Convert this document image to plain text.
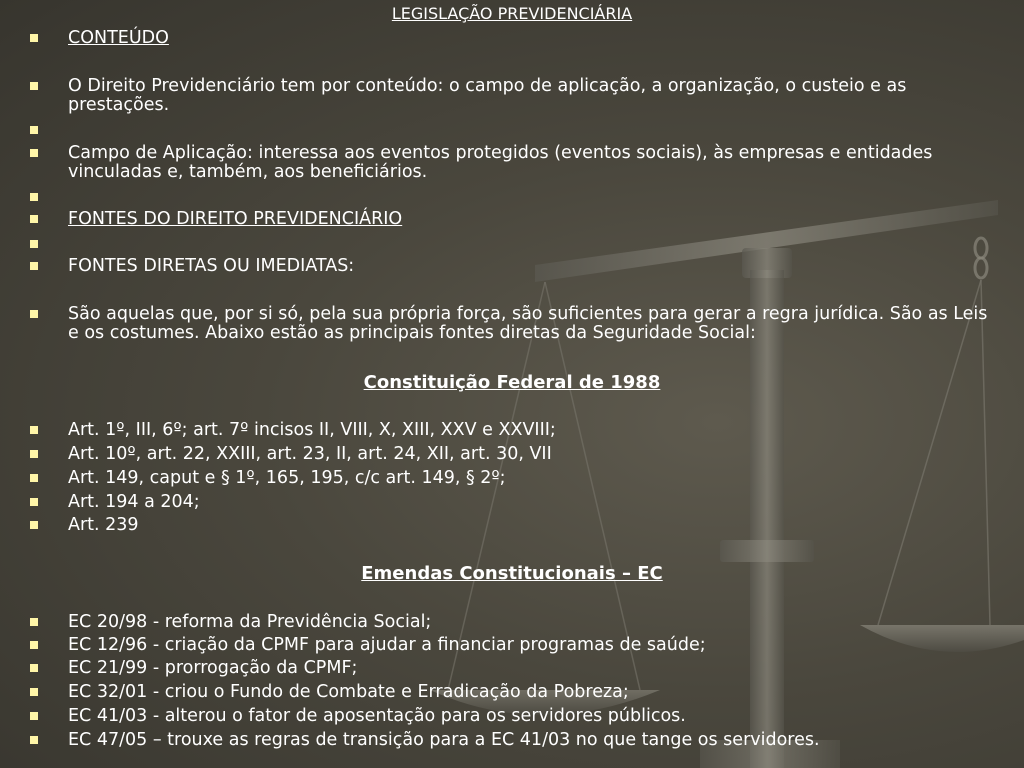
LEGISLAÇÃO PREVIDENCIÁRIA
CONTEÚDO
O Direito Previdenciário tem por conteúdo: o campo de aplicação, a organização, o custeio e as
prestações.
Campo de Aplicação: interessa aos eventos protegidos (eventos sociais), às empresas e entidades
vinculadas e, também, aos beneficiários.
FONTES DO DIREITO PREVIDENCIÁRIO
FONTES DIRETAS OU IMEDIATAS:
São aquelas que, por si só, pela sua própria força, são suficientes para gerar a regra jurídica. São as Leis
e os costumes. Abaixo estão as principais fontes diretas da Seguridade Social:
Constituição Federal de 1988
Art. 1º, III, 6º; art. 7º incisos II, VIII, X, XIII, XXV e XXVIII;
Art. 10º, art. 22, XXIII, art. 23, II, art. 24, XII, art. 30, VII
Art. 149, caput e § 1º, 165, 195, c/c art. 149, § 2º;
Art. 194 a 204;
Art. 239
Emendas Constitucionais – EC
EC 20/98 - reforma da Previdência Social;
EC 12/96 - criação da CPMF para ajudar a financiar programas de saúde;
EC 21/99 - prorrogação da CPMF;
EC 32/01 - criou o Fundo de Combate e Erradicação da Pobreza;
EC 41/03 - alterou o fator de aposentação para os servidores públicos.
EC 47/05 – trouxe as regras de transição para a EC 41/03 no que tange os servidores.
